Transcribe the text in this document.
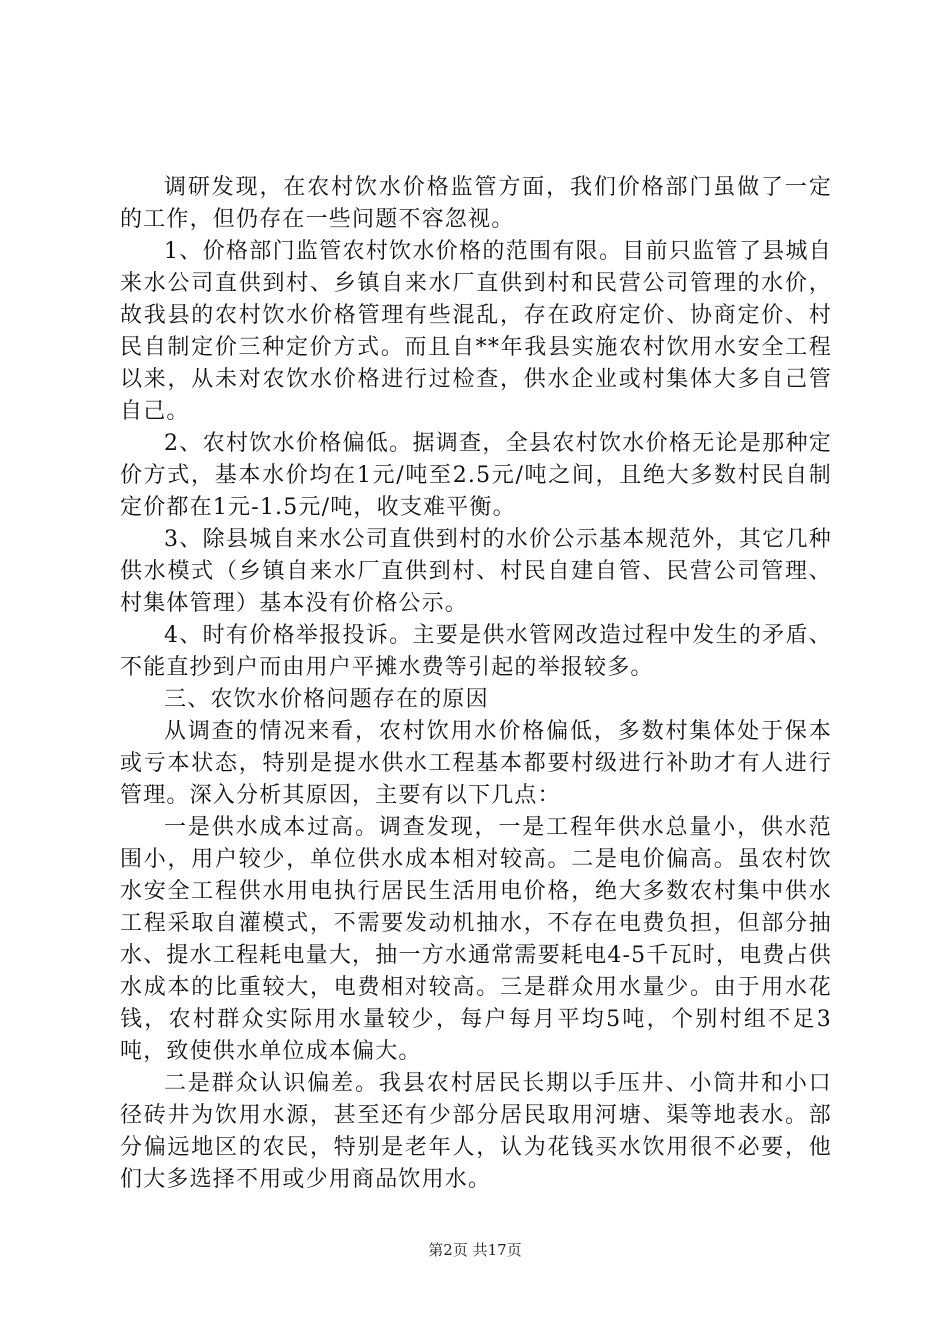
调研发现，在农村饮水价格监管方面，我们价格部门虽做了一定的工作，但仍存在一些问题不容忽视。

1、价格部门监管农村饮水价格的范围有限。目前只监管了县城自来水公司直供到村、乡镇自来水厂直供到村和民营公司管理的水价，故我县的农村饮水价格管理有些混乱，存在政府定价、协商定价、村民自制定价三种定价方式。而且自**年我县实施农村饮用水安全工程以来，从未对农饮水价格进行过检查，供水企业或村集体大多自己管自己。

2、农村饮水价格偏低。据调查，全县农村饮水价格无论是那种定价方式，基本水价均在1元/吨至2.5元/吨之间，且绝大多数村民自制定价都在1元-1.5元/吨，收支难平衡。

3、除县城自来水公司直供到村的水价公示基本规范外，其它几种供水模式（乡镇自来水厂直供到村、村民自建自管、民营公司管理、村集体管理）基本没有价格公示。

4、时有价格举报投诉。主要是供水管网改造过程中发生的矛盾、不能直抄到户而由用户平摊水费等引起的举报较多。

三、农饮水价格问题存在的原因

从调查的情况来看，农村饮用水价格偏低，多数村集体处于保本或亏本状态，特别是提水供水工程基本都要村级进行补助才有人进行管理。深入分析其原因，主要有以下几点：

一是供水成本过高。调查发现，一是工程年供水总量小，供水范围小，用户较少，单位供水成本相对较高。二是电价偏高。虽农村饮水安全工程供水用电执行居民生活用电价格，绝大多数农村集中供水工程采取自灌模式，不需要发动机抽水，不存在电费负担，但部分抽水、提水工程耗电量大，抽一方水通常需要耗电4-5千瓦时，电费占供水成本的比重较大，电费相对较高。三是群众用水量少。由于用水花钱，农村群众实际用水量较少，每户每月平均5吨，个别村组不足3吨，致使供水单位成本偏大。

二是群众认识偏差。我县农村居民长期以手压井、小筒井和小口径砖井为饮用水源，甚至还有少部分居民取用河塘、渠等地表水。部分偏远地区的农民，特别是老年人，认为花钱买水饮用很不必要，他们大多选择不用或少用商品饮用水。

第2页 共17页
